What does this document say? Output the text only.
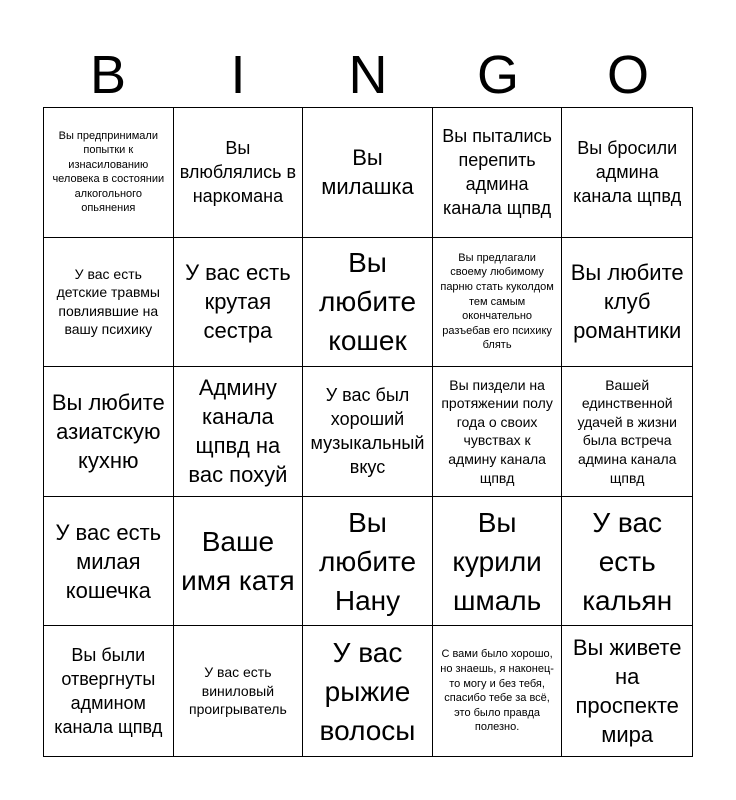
B	I	N	G	O
Вы предпринимали попытки к изнасилованию человека в состоянии алкогольного опьянения
Вы влюблялись в наркомана
Вы милашка
Вы пытались перепить админа канала щпвд
Вы бросили админа канала щпвд
У вас есть детские травмы повлиявшие на вашу психику
У вас есть крутая сестра
Вы любите кошек
Вы предлагали своему любимому парню стать куколдом тем самым окончательно разъебав его психику блять
Вы любите клуб романтики
Вы любите азиатскую кухню
Админу канала щпвд на вас похуй
У вас был хороший музыкальный вкус
Вы пиздели на протяжении полу года о своих чувствах к админу канала щпвд
Вашей единственной удачей в жизни была встреча админа канала щпвд
У вас есть милая кошечка
Ваше имя катя
Вы любите Нану
Вы курили шмаль
У вас есть кальян
Вы были отвергнуты админом канала щпвд
У вас есть виниловый проигрыватель
У вас рыжие волосы
С вами было хорошо, но знаешь, я наконец-то могу и без тебя, спасибо тебе за всё, это было правда полезно.
Вы живете на проспекте мира
